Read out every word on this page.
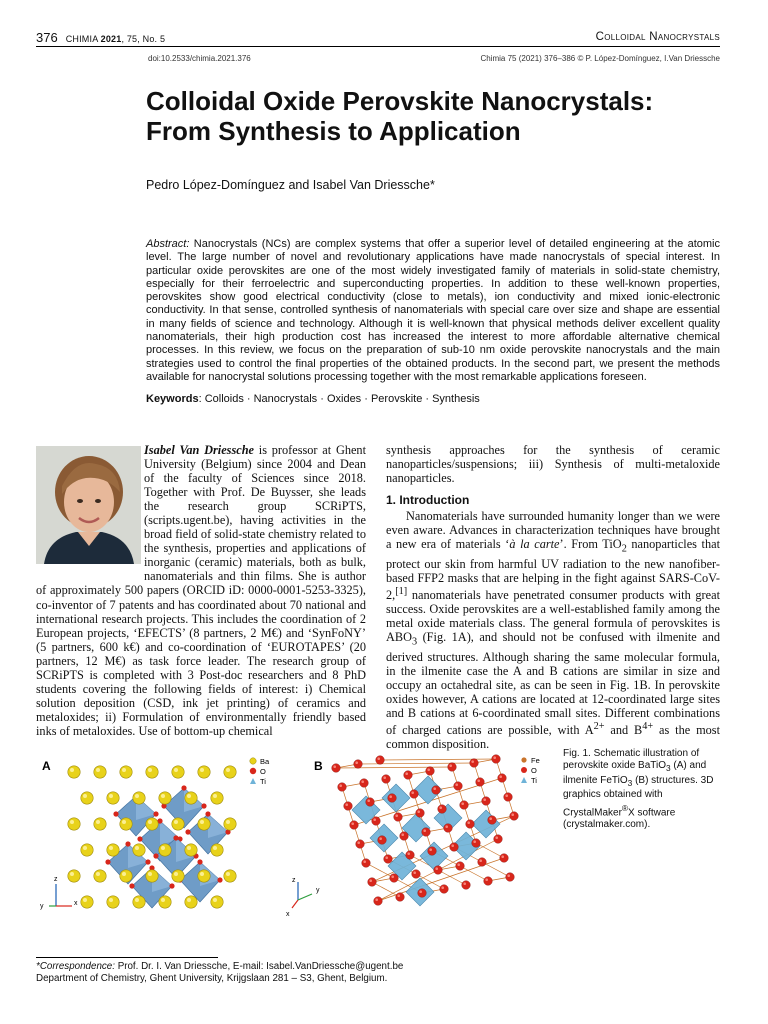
376 CHIMIA 2021, 75, No. 5	Colloidal Nanocrystals
doi:10.2533/chimia.2021.376	Chimia 75 (2021) 376–386 © P. López-Domínguez, I.Van Driessche
Colloidal Oxide Perovskite Nanocrystals:
From Synthesis to Application
Pedro López-Domínguez and Isabel Van Driessche*
Abstract: Nanocrystals (NCs) are complex systems that offer a superior level of detailed engineering at the atomic level. The large number of novel and revolutionary applications have made nanocrystals of special interest. In particular oxide perovskites are one of the most widely investigated family of materials in solid-state chemistry, especially for their ferroelectric and superconducting properties. In addition to these well-known properties, perovskites show good electrical conductivity (close to metals), ion conductivity and mixed ionic-electronic conductivity. In that sense, controlled synthesis of nanomaterials with special care over size and shape are essential in many fields of science and technology. Although it is well-known that physical methods deliver excellent quality nanomaterials, their high production cost has increased the interest to more affordable alternative chemical processes. In this review, we focus on the preparation of sub-10 nm oxide perovskite nanocrystals and the main strategies used to control the final properties of the obtained products. In the second part, we present the methods available for nanocrystal solutions processing together with the most remarkable applications foreseen.
Keywords: Colloids · Nanocrystals · Oxides · Perovskite · Synthesis
Isabel Van Driessche is professor at Ghent University (Belgium) since 2004 and Dean of the faculty of Sciences since 2018. Together with Prof. De Buysser, she leads the research group SCRiPTS, (scripts.ugent.be), having activities in the broad field of solid-state chemistry related to the synthesis, properties and applications of inorganic (ceramic) materials, both as bulk, nanomaterials and thin films. She is author of approximately 500 papers (ORCID iD: 0000-0001-5253-3325), co-inventor of 7 patents and has coordinated about 70 national and international research projects. This includes the coordination of 2 European projects, ‘EFECTS’ (8 partners, 2 M€) and ‘SynFoNY’ (5 partners, 600 k€) and co-coordination of ‘EUROTAPES’ (20 partners, 12 M€) as task force leader. The research group of SCRiPTS is completed with 3 Post-doc researchers and 8 PhD students covering the following fields of interest: i) Chemical solution deposition (CSD, ink jet printing) of ceramics and metaloxides; ii) Formulation of environmentally friendly based inks of metaloxides. Use of bottom-up chemical

synthesis approaches for the synthesis of ceramic nanoparticles/suspensions; iii) Synthesis of multi-metaloxide nanoparticles.

1. Introduction

Nanomaterials have surrounded humanity longer than we were even aware. Advances in characterization techniques have brought a new era of materials ‘à la carte’. From TiO$_2$ nanoparticles that protect our skin from harmful UV radiation to the new nanofiber-based FFP2 masks that are helping in the fight against SARS-CoV-2,[1] nanomaterials have penetrated consumer products with great success. Oxide perovskites are a well-established family among the metal oxide materials class. The general formula of perovskites is $ABO_3$ (Fig. 1A), and should not be confused with ilmenite and derived structures. Although sharing the same molecular formula, in the ilmenite case the A and B cations are similar in size and occupy an octahedral site, as can be seen in Fig. 1B. In perovskite oxides however, A cations are located at 12-coordinated large sites and B cations at 6-coordinated small sites. Different combinations of charged cations are possible, with $A^{2+}$ and $B^{4+}$ as the most common disposition.

A	B
Ba
O
Ti
Fe
O
Ti
z
y	x
z
x
y
Fig. 1. Schematic illustration of perovskite oxide BaTiO$_3$ (A) and ilmenite FeTiO$_3$ (B) structures. 3D graphics obtained with CrystalMaker®X software (crystalmaker.com).
*Correspondence: Prof. Dr. I. Van Driessche, E-mail: Isabel.VanDriessche@ugent.be
Department of Chemistry, Ghent University, Krijgslaan 281 – S3, Ghent, Belgium.
